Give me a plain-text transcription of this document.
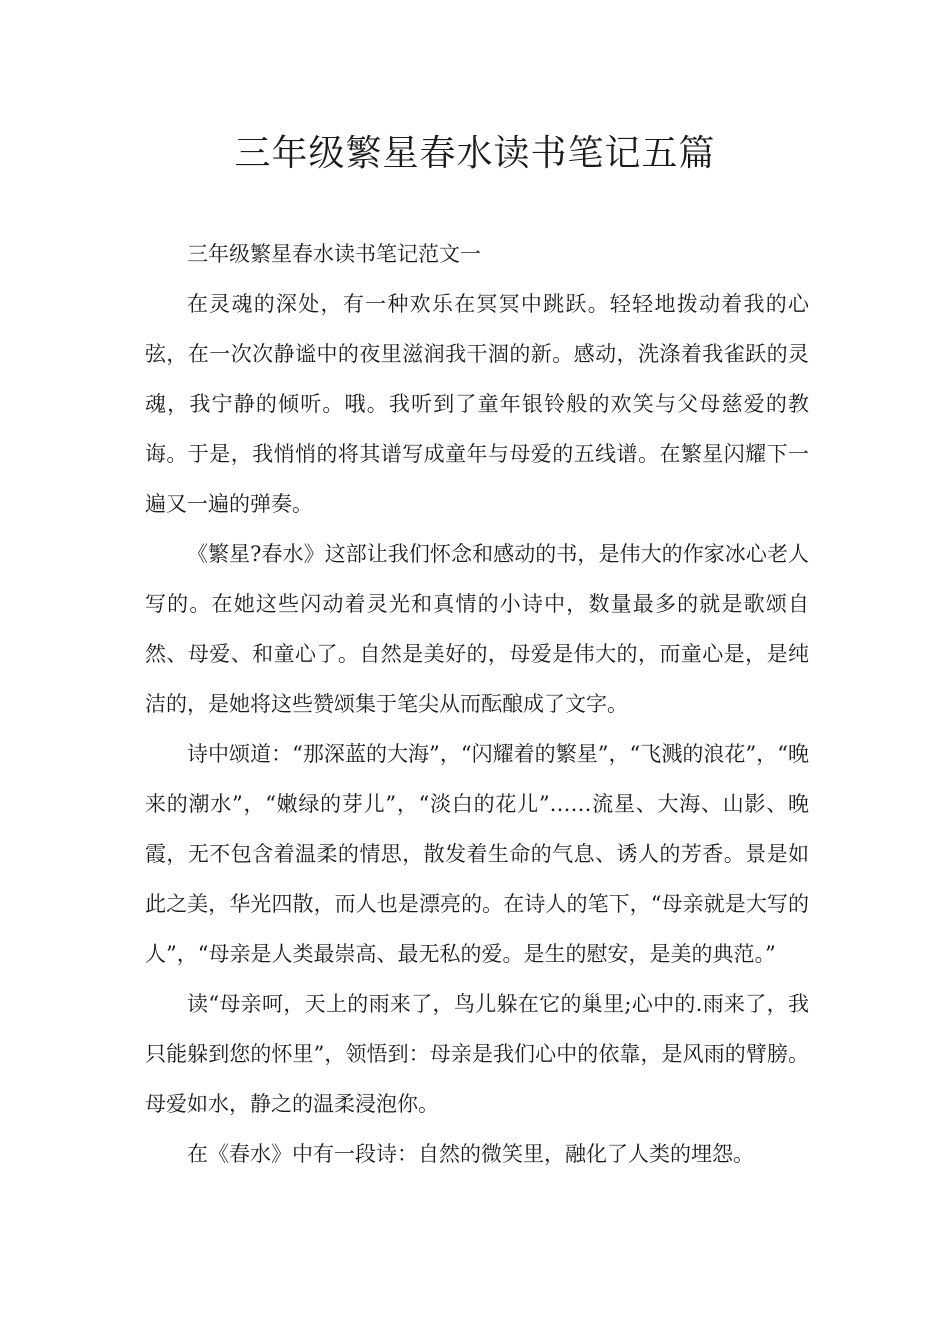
三年级繁星春水读书笔记五篇

三年级繁星春水读书笔记范文一

在灵魂的深处，有一种欢乐在冥冥中跳跃。轻轻地拨动着我的心弦，在一次次静谧中的夜里滋润我干涸的新。感动，洗涤着我雀跃的灵魂，我宁静的倾听。哦。我听到了童年银铃般的欢笑与父母慈爱的教诲。于是，我悄悄的将其谱写成童年与母爱的五线谱。在繁星闪耀下一遍又一遍的弹奏。

《繁星?春水》这部让我们怀念和感动的书，是伟大的作家冰心老人写的。在她这些闪动着灵光和真情的小诗中，数量最多的就是歌颂自然、母爱、和童心了。自然是美好的，母爱是伟大的，而童心是，是纯洁的，是她将这些赞颂集于笔尖从而酝酿成了文字。

诗中颂道：“那深蓝的大海”，“闪耀着的繁星”，“飞溅的浪花”，“晚来的潮水”，“嫩绿的芽儿”，“淡白的花儿”……流星、大海、山影、晚霞，无不包含着温柔的情思，散发着生命的气息、诱人的芳香。景是如此之美，华光四散，而人也是漂亮的。在诗人的笔下，“母亲就是大写的人”，“母亲是人类最崇高、最无私的爱。是生的慰安，是美的典范。”

读“母亲呵，天上的雨来了，鸟儿躲在它的巢里;心中的.雨来了，我只能躲到您的怀里”，领悟到：母亲是我们心中的依靠，是风雨的臂膀。母爱如水，静之的温柔浸泡你。

在《春水》中有一段诗：自然的微笑里，融化了人类的埋怨。
